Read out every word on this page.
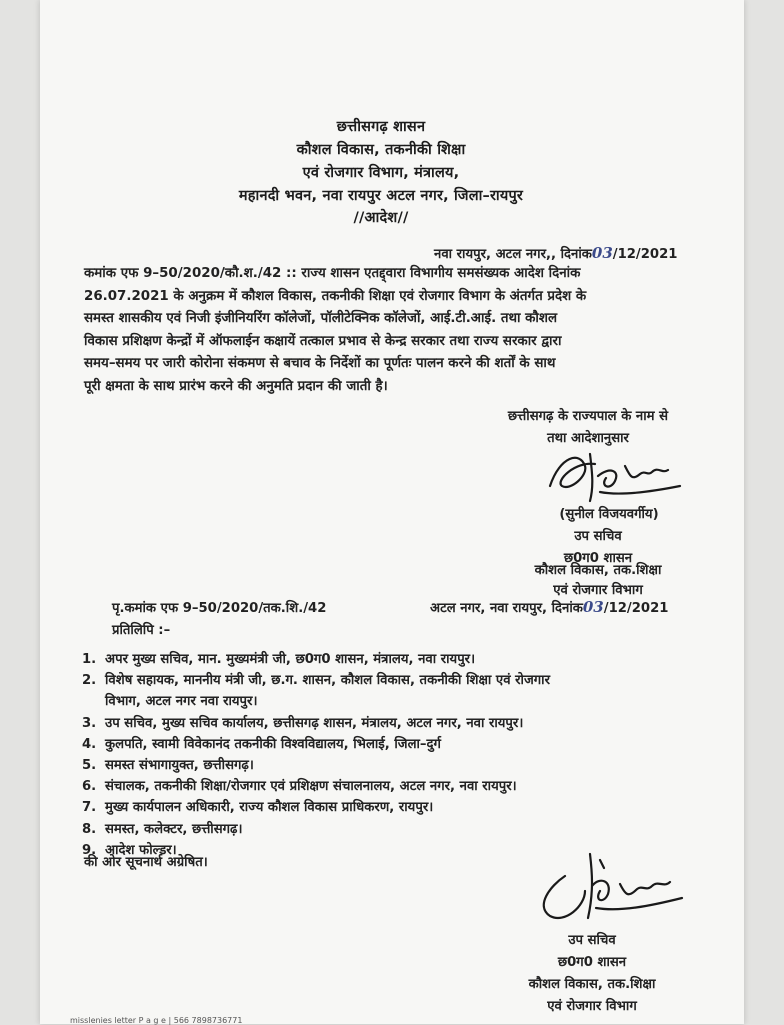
छत्तीसगढ़ शासन
कौशल विकास, तकनीकी शिक्षा
एवं रोजगार विभाग, मंत्रालय,
महानदी भवन, नवा रायपुर अटल नगर, जिला–रायपुर
//आदेश//
नवा रायपुर, अटल नगर,, दिनांक03/12/2021
कमांक एफ 9–50/2020/कौ.श./42 :: राज्य शासन एतद्द्वारा विभागीय समसंख्यक आदेश दिनांक
26.07.2021 के अनुक्रम में कौशल विकास, तकनीकी शिक्षा एवं रोजगार विभाग के अंतर्गत प्रदेश के
समस्त शासकीय एवं निजी इंजीनियरिंग कॉलेजों, पॉलीटेक्निक कॉलेजों, आई.टी.आई. तथा कौशल
विकास प्रशिक्षण केन्द्रों में ऑफलाईन कक्षायें तत्काल प्रभाव से केन्द्र सरकार तथा राज्य सरकार द्वारा
समय–समय पर जारी कोरोना संकमण से बचाव के निर्देशों का पूर्णतः पालन करने की शर्तों के साथ
पूरी क्षमता के साथ प्रारंभ करने की अनुमति प्रदान की जाती है।
छत्तीसगढ़ के राज्यपाल के नाम से
तथा आदेशानुसार
(सुनील विजयवर्गीय)
उप सचिव
छ0ग0 शासन
कौशल विकास, तक.शिक्षा
एवं रोजगार विभाग
पृ.कमांक एफ 9–50/2020/तक.शि./42	अटल नगर, नवा रायपुर, दिनांक03/12/2021
प्रतिलिपि :–
1. अपर मुख्य सचिव, मान. मुख्यमंत्री जी, छ0ग0 शासन, मंत्रालय, नवा रायपुर।
2. विशेष सहायक, माननीय मंत्री जी, छ.ग. शासन, कौशल विकास, तकनीकी शिक्षा एवं रोजगार
विभाग, अटल नगर नवा रायपुर।
3. उप सचिव, मुख्य सचिव कार्यालय, छत्तीसगढ़ शासन, मंत्रालय, अटल नगर, नवा रायपुर।
4. कुलपति, स्वामी विवेकानंद तकनीकी विश्वविद्यालय, भिलाई, जिला–दुर्ग
5. समस्त संभागायुक्त, छत्तीसगढ़।
6. संचालक, तकनीकी शिक्षा/रोजगार एवं प्रशिक्षण संचालनालय, अटल नगर, नवा रायपुर।
7. मुख्य कार्यपालन अधिकारी, राज्य कौशल विकास प्राधिकरण, रायपुर।
8. समस्त, कलेक्टर, छत्तीसगढ़।
9. आदेश फोल्डर।
की ओर सूचनार्थ अग्रेषित।
उप सचिव
छ0ग0 शासन
कौशल विकास, तक.शिक्षा
एवं रोजगार विभाग
misslenies letter P a g e | 566 7898736771
